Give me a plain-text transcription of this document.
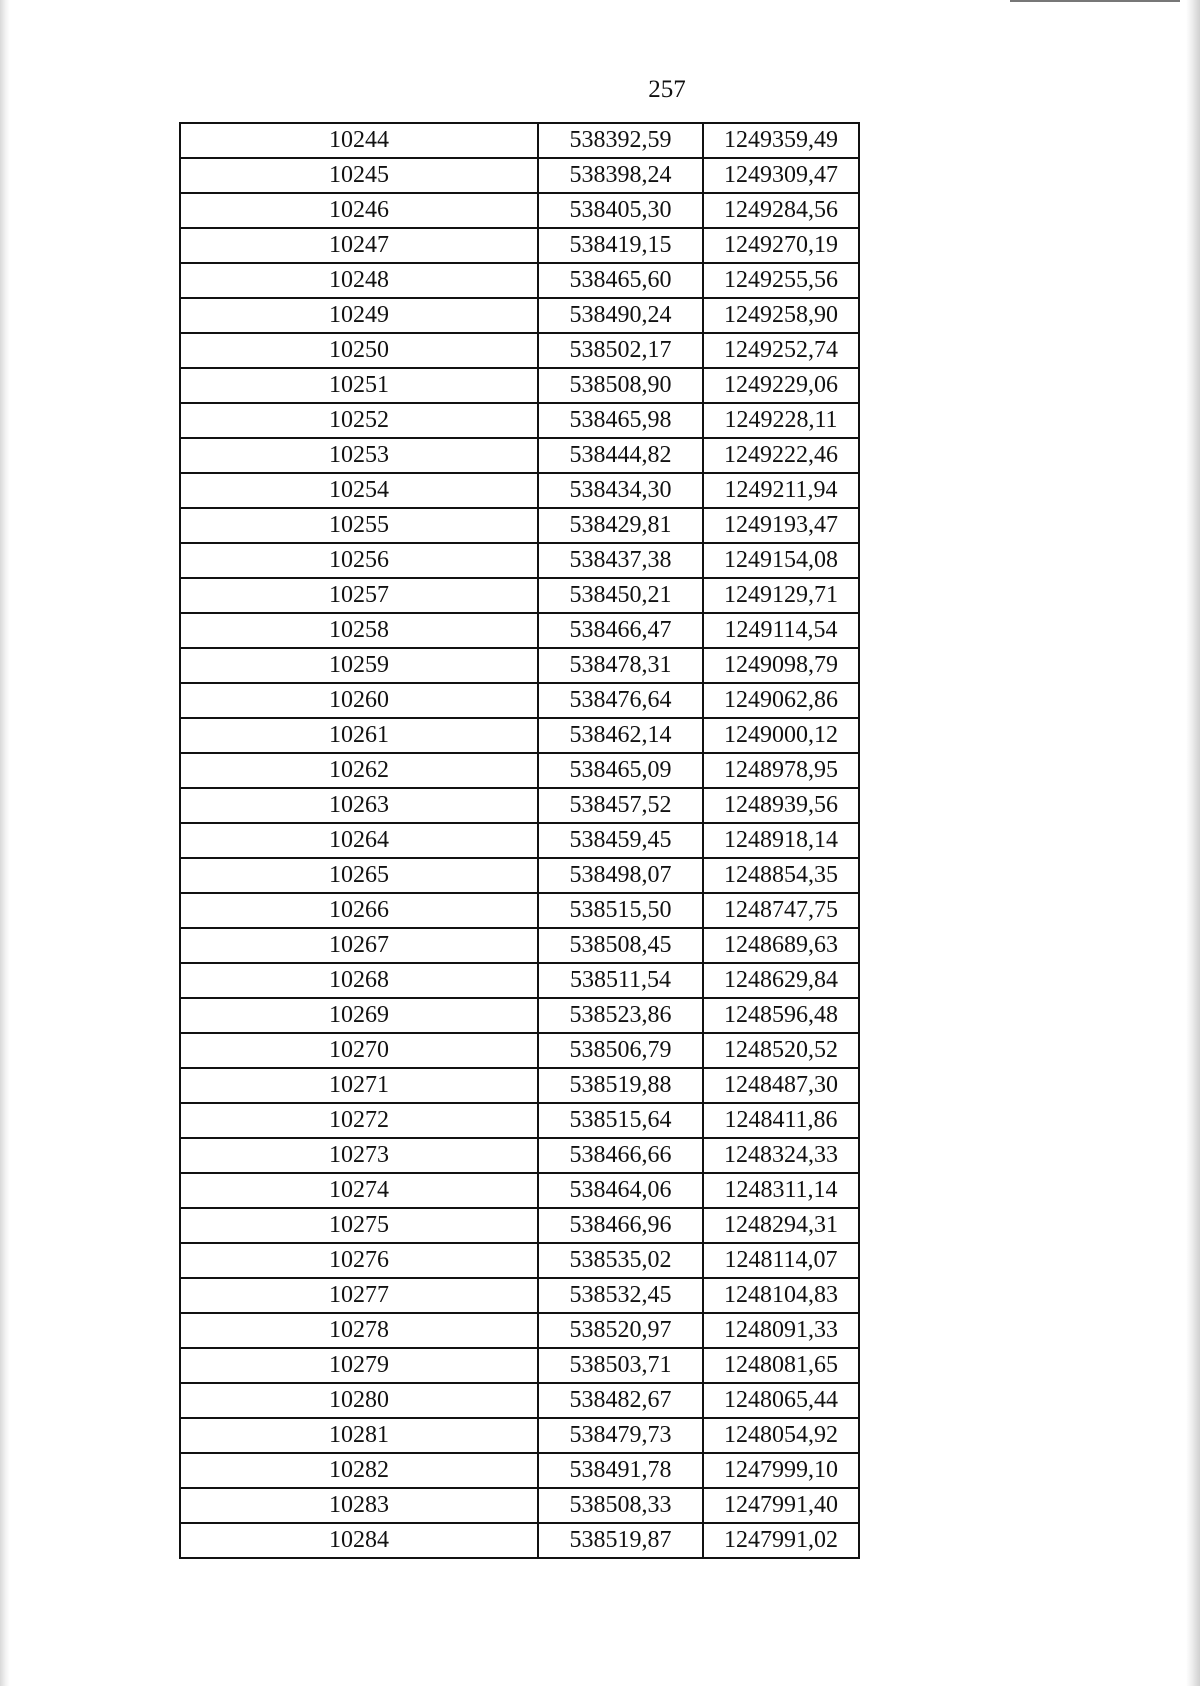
257
10244	538392,59	1249359,49
10245	538398,24	1249309,47
10246	538405,30	1249284,56
10247	538419,15	1249270,19
10248	538465,60	1249255,56
10249	538490,24	1249258,90
10250	538502,17	1249252,74
10251	538508,90	1249229,06
10252	538465,98	1249228,11
10253	538444,82	1249222,46
10254	538434,30	1249211,94
10255	538429,81	1249193,47
10256	538437,38	1249154,08
10257	538450,21	1249129,71
10258	538466,47	1249114,54
10259	538478,31	1249098,79
10260	538476,64	1249062,86
10261	538462,14	1249000,12
10262	538465,09	1248978,95
10263	538457,52	1248939,56
10264	538459,45	1248918,14
10265	538498,07	1248854,35
10266	538515,50	1248747,75
10267	538508,45	1248689,63
10268	538511,54	1248629,84
10269	538523,86	1248596,48
10270	538506,79	1248520,52
10271	538519,88	1248487,30
10272	538515,64	1248411,86
10273	538466,66	1248324,33
10274	538464,06	1248311,14
10275	538466,96	1248294,31
10276	538535,02	1248114,07
10277	538532,45	1248104,83
10278	538520,97	1248091,33
10279	538503,71	1248081,65
10280	538482,67	1248065,44
10281	538479,73	1248054,92
10282	538491,78	1247999,10
10283	538508,33	1247991,40
10284	538519,87	1247991,02
